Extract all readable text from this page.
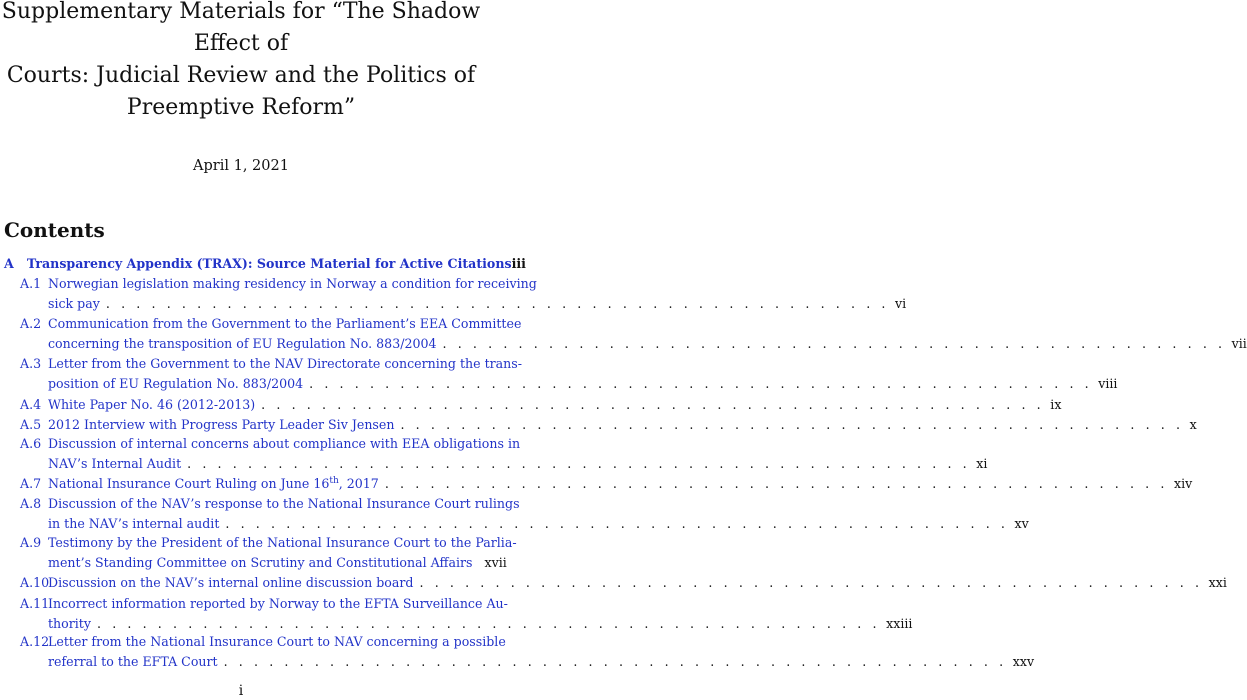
Supplementary Materials for “The Shadow Effect of
Courts: Judicial Review and the Politics of
Preemptive Reform”
April 1, 2021
Contents
A   Transparency Appendix (TRAX): Source Material for Active Citations iii
A.1 Norwegian legislation making residency in Norway a condition for receiving
sick pay . . . . . . . . . . . . . . . . . . . . . . . . . . . . . . . . . . . . . . . . . . . . . . . . . . . . vi
A.2 Communication from the Government to the Parliament’s EEA Committee
concerning the transposition of EU Regulation No. 883/2004 . . . . . . . . . . . . . . . . . . . . . . . . . . . . . . . . . . . . . . . . . . . . . . . . . . . . vii
A.3 Letter from the Government to the NAV Directorate concerning the trans-
position of EU Regulation No. 883/2004 . . . . . . . . . . . . . . . . . . . . . . . . . . . . . . . . . . . . . . . . . . . . . . . . . . . . viii
A.4 White Paper No. 46 (2012-2013) . . . . . . . . . . . . . . . . . . . . . . . . . . . . . . . . . . . . . . . . . . . . . . . . . . . . ix
A.5 2012 Interview with Progress Party Leader Siv Jensen . . . . . . . . . . . . . . . . . . . . . . . . . . . . . . . . . . . . . . . . . . . . . . . . . . . . x
A.6 Discussion of internal concerns about compliance with EEA obligations in
NAV’s Internal Audit . . . . . . . . . . . . . . . . . . . . . . . . . . . . . . . . . . . . . . . . . . . . . . . . . . . . xi
A.7 National Insurance Court Ruling on June 16th, 2017 . . . . . . . . . . . . . . . . . . . . . . . . . . . . . . . . . . . . . . . . . . . . . . . . . . . . xiv
A.8 Discussion of the NAV’s response to the National Insurance Court rulings
in the NAV’s internal audit . . . . . . . . . . . . . . . . . . . . . . . . . . . . . . . . . . . . . . . . . . . . . . . . . . . . xv
A.9 Testimony by the President of the National Insurance Court to the Parlia-
ment’s Standing Committee on Scrutiny and Constitutional Affairs xvii
A.10
Discussion on the NAV’s internal online discussion board . . . . . . . . . . . . . . . . . . . . . . . . . . . . . . . . . . . . . . . . . . . . . . . . . . . . xxi
A.11
Incorrect information reported by Norway to the EFTA Surveillance Au-
thority . . . . . . . . . . . . . . . . . . . . . . . . . . . . . . . . . . . . . . . . . . . . . . . . . . . . xxiii
A.12
Letter from the National Insurance Court to NAV concerning a possible
referral to the EFTA Court . . . . . . . . . . . . . . . . . . . . . . . . . . . . . . . . . . . . . . . . . . . . . . . . . . . . xxv
i
